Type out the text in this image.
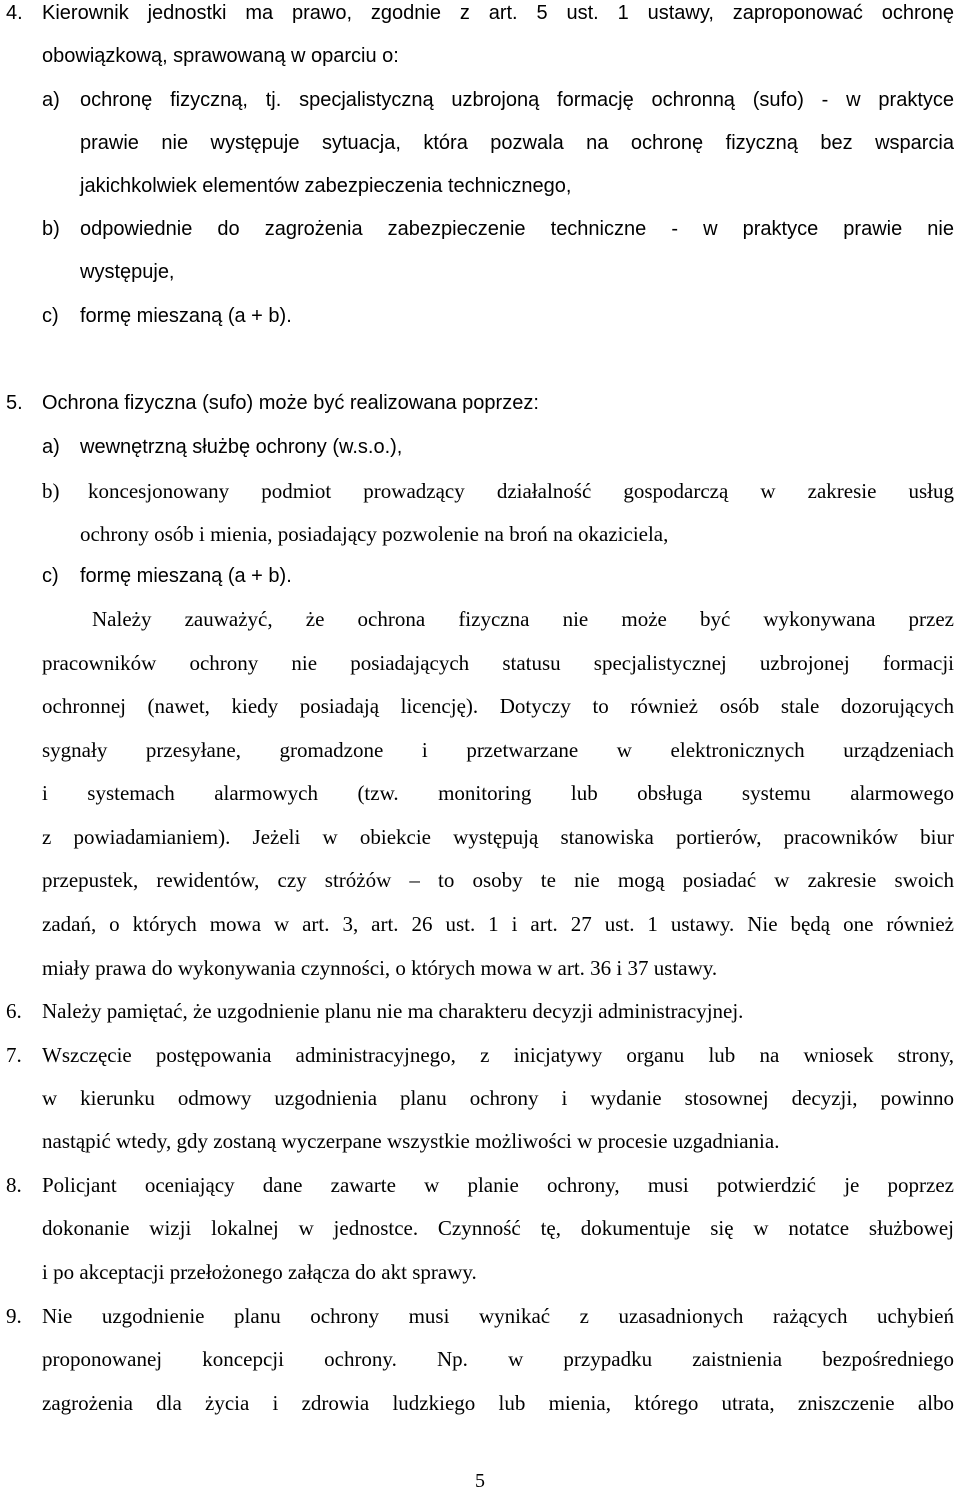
4. Kierownik jednostki ma prawo, zgodnie z art. 5 ust. 1 ustawy, zaproponować ochronę
obowiązkową, sprawowaną w oparciu o:
a) ochronę fizyczną, tj. specjalistyczną uzbrojoną formację ochronną (sufo) - w praktyce
prawie nie występuje sytuacja, która pozwala na ochronę fizyczną bez wsparcia
jakichkolwiek elementów zabezpieczenia technicznego,
b) odpowiednie do zagrożenia zabezpieczenie techniczne - w praktyce prawie nie
występuje,
c) formę mieszaną (a + b).
5. Ochrona fizyczna (sufo) może być realizowana poprzez:
a) wewnętrzną służbę ochrony (w.s.o.),
b) koncesjonowany podmiot prowadzący działalność gospodarczą w zakresie usług
ochrony osób i mienia, posiadający pozwolenie na broń na okaziciela,
c) formę mieszaną (a + b).
Należy zauważyć, że ochrona fizyczna nie może być wykonywana przez
pracowników ochrony nie posiadających statusu specjalistycznej uzbrojonej formacji
ochronnej (nawet, kiedy posiadają licencję). Dotyczy to również osób stale dozorujących
sygnały przesyłane, gromadzone i przetwarzane w elektronicznych urządzeniach
i systemach alarmowych (tzw. monitoring lub obsługa systemu alarmowego
z powiadamianiem). Jeżeli w obiekcie występują stanowiska portierów, pracowników biur
przepustek, rewidentów, czy stróżów – to osoby te nie mogą posiadać w zakresie swoich
zadań, o których mowa w art. 3, art. 26 ust. 1 i art. 27 ust. 1 ustawy. Nie będą one również
miały prawa do wykonywania czynności, o których mowa w art. 36 i 37 ustawy.
6. Należy pamiętać, że uzgodnienie planu nie ma charakteru decyzji administracyjnej.
7. Wszczęcie postępowania administracyjnego, z inicjatywy organu lub na wniosek strony,
w kierunku odmowy uzgodnienia planu ochrony i wydanie stosownej decyzji, powinno
nastąpić wtedy, gdy zostaną wyczerpane wszystkie możliwości w procesie uzgadniania.
8. Policjant oceniający dane zawarte w planie ochrony, musi potwierdzić je poprzez
dokonanie wizji lokalnej w jednostce. Czynność tę, dokumentuje się w notatce służbowej
i po akceptacji przełożonego załącza do akt sprawy.
9. Nie uzgodnienie planu ochrony musi wynikać z uzasadnionych rażących uchybień
proponowanej koncepcji ochrony. Np. w przypadku zaistnienia bezpośredniego
zagrożenia dla życia i zdrowia ludzkiego lub mienia, którego utrata, zniszczenie albo
5
